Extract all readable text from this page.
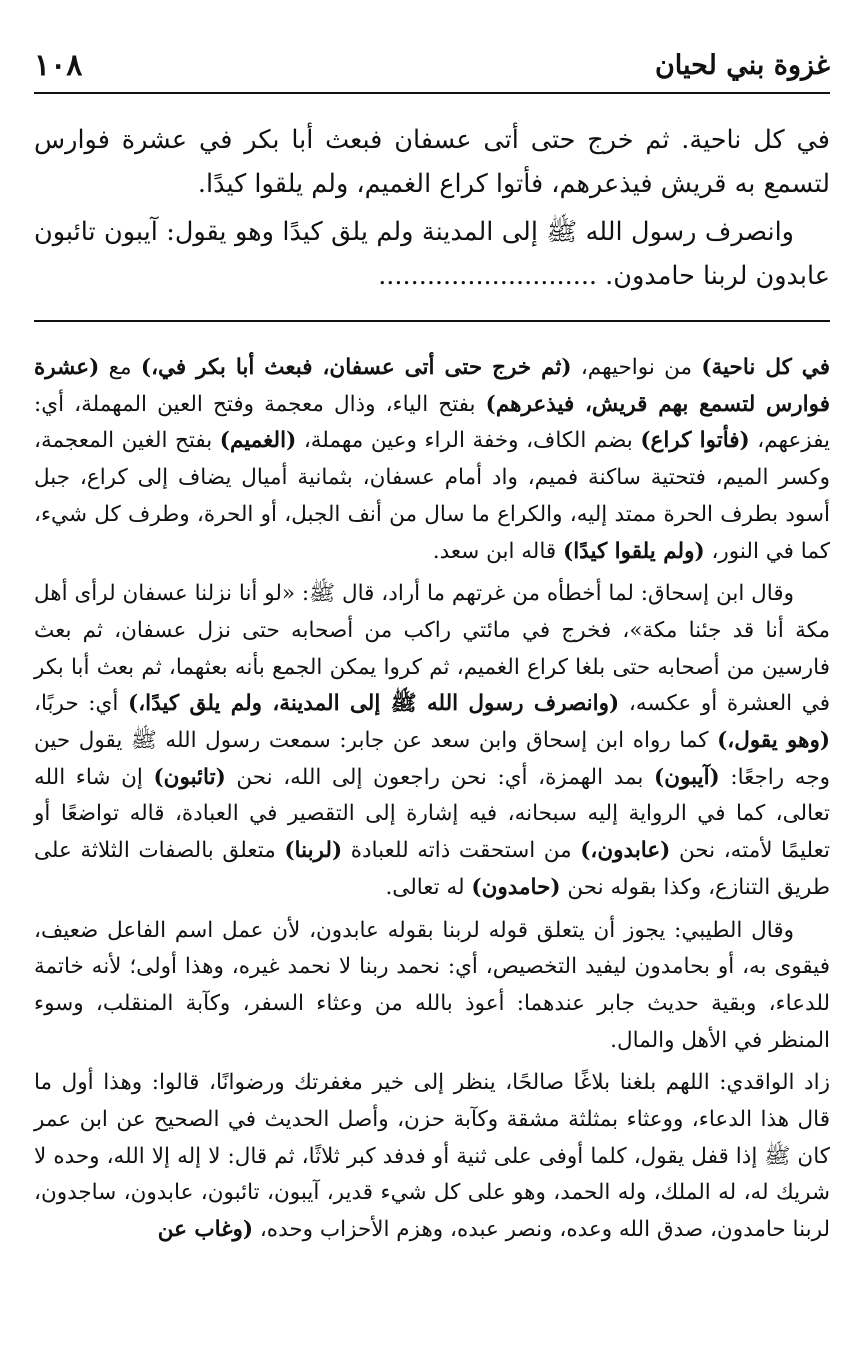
غزوة بني لحيان
١٠٨

في كل ناحية. ثم خرج حتى أتى عسفان فبعث أبا بكر في عشرة فوارس لتسمع به قريش فيذعرهم، فأتوا كراع الغميم، ولم يلقوا كيدًا.

وانصرف رسول الله ﷺ إلى المدينة ولم يلق كيدًا وهو يقول: آيبون تائبون عابدون لربنا حامدون. ...........................

في كل ناحية) من نواحيهم، (ثم خرج حتى أتى عسفان، فبعث أبا بكر في،) مع (عشرة فوارس لتسمع بهم قريش، فيذعرهم) بفتح الياء، وذال معجمة وفتح العين المهملة، أي: يفزعهم، (فأتوا كراع) بضم الكاف، وخفة الراء وعين مهملة، (الغميم) بفتح الغين المعجمة، وكسر الميم، فتحتية ساكنة فميم، واد أمام عسفان، بثمانية أميال يضاف إلى كراع، جبل أسود بطرف الحرة ممتد إليه، والكراع ما سال من أنف الجبل، أو الحرة، وطرف كل شيء، كما في النور، (ولم يلقوا كيدًا) قاله ابن سعد.

وقال ابن إسحاق: لما أخطأه من غرتهم ما أراد، قال ﷺ: «لو أنا نزلنا عسفان لرأى أهل مكة أنا قد جئنا مكة»، فخرج في مائتي راكب من أصحابه حتى نزل عسفان، ثم بعث فارسين من أصحابه حتى بلغا كراع الغميم، ثم كروا يمكن الجمع بأنه بعثهما، ثم بعث أبا بكر في العشرة أو عكسه، (وانصرف رسول الله ﷺ إلى المدينة، ولم يلق كيدًا،) أي: حربًا، (وهو يقول،) كما رواه ابن إسحاق وابن سعد عن جابر: سمعت رسول الله ﷺ يقول حين وجه راجعًا: (آيبون) بمد الهمزة، أي: نحن راجعون إلى الله، نحن (تائبون) إن شاء الله تعالى، كما في الرواية إليه سبحانه، فيه إشارة إلى التقصير في العبادة، قاله تواضعًا أو تعليمًا لأمته، نحن (عابدون،) من استحقت ذاته للعبادة (لربنا) متعلق بالصفات الثلاثة على طريق التنازع، وكذا بقوله نحن (حامدون) له تعالى.

وقال الطيبي: يجوز أن يتعلق قوله لربنا بقوله عابدون، لأن عمل اسم الفاعل ضعيف، فيقوى به، أو بحامدون ليفيد التخصيص، أي: نحمد ربنا لا نحمد غيره، وهذا أولى؛ لأنه خاتمة للدعاء، وبقية حديث جابر عندهما: أعوذ بالله من وعثاء السفر، وكآبة المنقلب، وسوء المنظر في الأهل والمال.

زاد الواقدي: اللهم بلغنا بلاغًا صالحًا، ينظر إلى خير مغفرتك ورضوانًا، قالوا: وهذا أول ما قال هذا الدعاء، ووعثاء بمثلثة مشقة وكآبة حزن، وأصل الحديث في الصحيح عن ابن عمر كان ﷺ إذا قفل يقول، كلما أوفى على ثنية أو فدفد كبر ثلاثًا، ثم قال: لا إله إلا الله، وحده لا شريك له، له الملك، وله الحمد، وهو على كل شيء قدير، آيبون، تائبون، عابدون، ساجدون، لربنا حامدون، صدق الله وعده، ونصر عبده، وهزم الأحزاب وحده، (وغاب عن
